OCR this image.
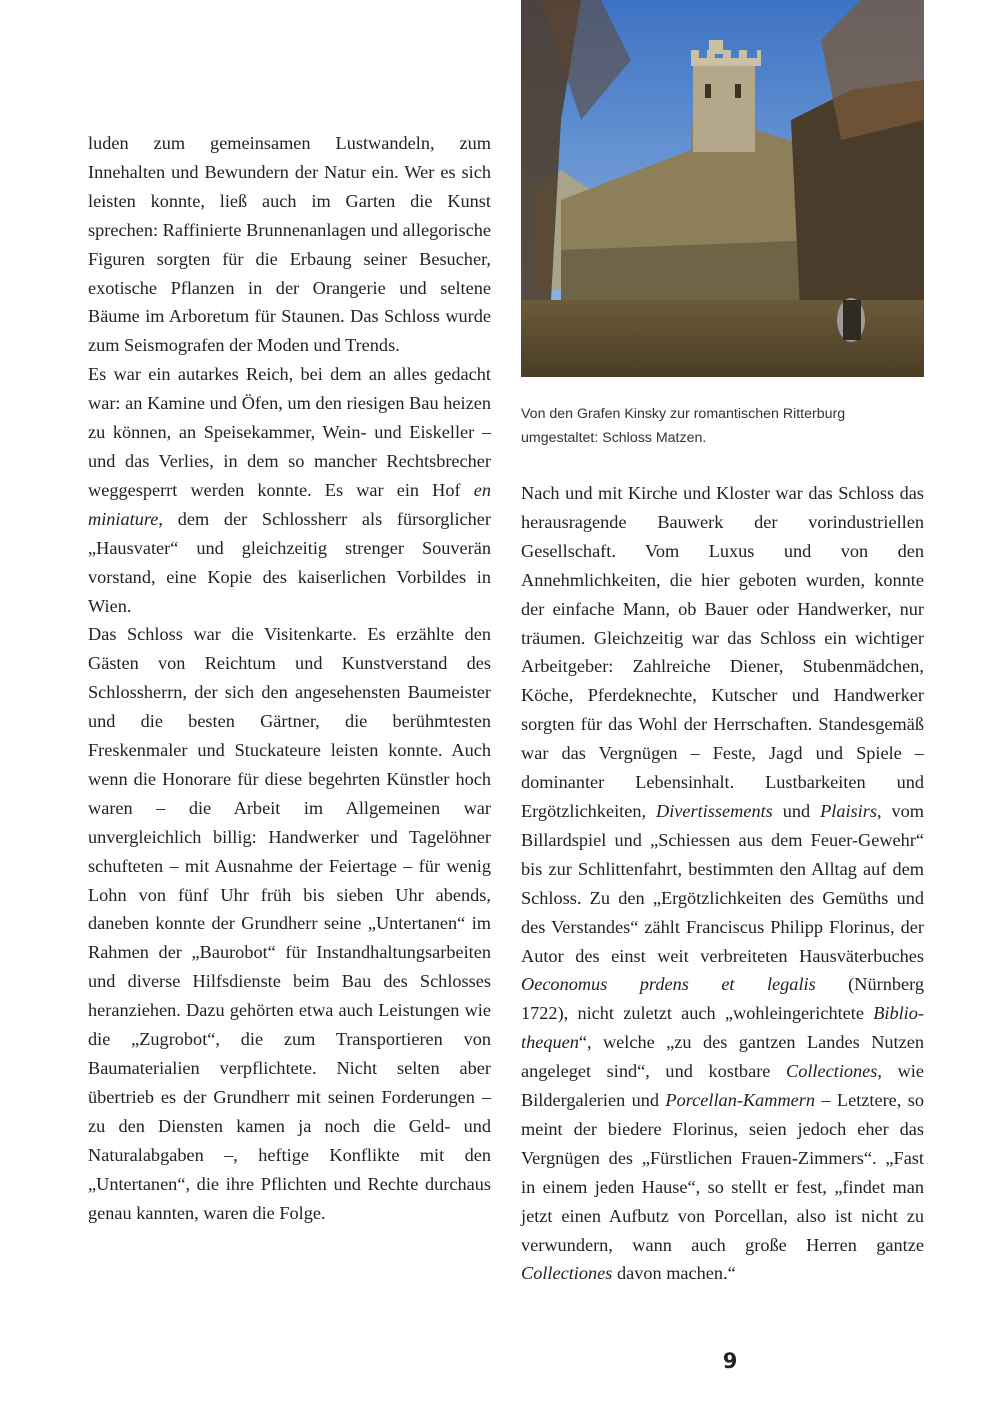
luden zum gemeinsamen Lustwandeln, zum Innehalten und Bewundern der Natur ein. Wer es sich leisten konnte, ließ auch im Garten die Kunst sprechen: Raffinierte Brunnenanlagen und allegorische Figuren sorgten für die Erbaung seiner Besucher, exotische Pflanzen in der Orangerie und seltene Bäume im Arboretum für Staunen. Das Schloss wurde zum Seismografen der Moden und Trends.

Es war ein autarkes Reich, bei dem an alles gedacht war: an Kamine und Öfen, um den riesigen Bau heizen zu können, an Speisekammer, Wein- und Eiskeller – und das Verlies, in dem so mancher Rechtsbrecher weggesperrt werden konnte. Es war ein Hof en miniature, dem der Schlossherr als fürsorglicher „Hausvater“ und gleichzeitig strenger Souverän vorstand, eine Kopie des kaiserlichen Vorbildes in Wien.

Das Schloss war die Visitenkarte. Es erzählte den Gästen von Reichtum und Kunstverstand des Schlossherrn, der sich den angesehensten Baumeister und die besten Gärtner, die berühmtesten Freskenmaler und Stuckateure leisten konnte. Auch wenn die Honorare für diese begehrten Künstler hoch waren – die Arbeit im Allgemeinen war unvergleichlich billig: Handwerker und Tagelöhner schufteten – mit Ausnahme der Feiertage – für wenig Lohn von fünf Uhr früh bis sieben Uhr abends, daneben konnte der Grundherr seine „Untertanen“ im Rahmen der „Baurobot“ für Instandhaltungsarbeiten und diverse Hilfsdienste beim Bau des Schlosses heranziehen. Dazu gehörten etwa auch Leistungen wie die „Zugrobot“, die zum Transportieren von Baumaterialien verpflichtete. Nicht selten aber übertrieb es der Grundherr mit seinen Forderungen – zu den Diensten kamen ja noch die Geld- und Naturalabgaben –, heftige Konflikte mit den „Untertanen“, die ihre Pflichten und Rechte durchaus genau kannten, waren die Folge.

Von den Grafen Kinsky zur romantischen Ritterburg
umgestaltet: Schloss Matzen.

Nach und mit Kirche und Kloster war das Schloss das

herausragende Bauwerk der vorindustriellen Gesellschaft. Vom Luxus und von den Annehmlichkeiten, die hier geboten wurden, konnte der einfache Mann, ob Bauer oder Handwerker, nur träumen. Gleichzeitig war das Schloss ein wichtiger Arbeitgeber: Zahlreiche Diener, Stubenmädchen, Köche, Pferdeknechte, Kutscher und Handwerker sorgten für das Wohl der Herrschaften. Standesgemäß war das Vergnügen – Feste, Jagd und Spiele – dominanter Lebensinhalt. Lustbarkeiten und Ergötzlichkeiten, Divertissements und Plaisirs, vom

Billardspiel und „Schiessen aus dem Feuer-Gewehr“

bis zur Schlittenfahrt, bestimmten den Alltag auf dem Schloss. Zu den „Ergötzlichkeiten des Gemüths und des Verstandes“ zählt Franciscus Philipp Florinus, der Autor des einst weit verbreiteten Hausväterbuches Oeconomus prdens et legalis (Nürnberg

1722), nicht zuletzt auch „wohleingerichtete Biblio-

thequen“, welche „zu des gantzen Landes Nutzen angeleget sind“, und kostbare Collectiones, wie Bildergalerien und Porcellan-Kammern – Letztere, so meint der biedere Florinus, seien jedoch eher das Vergnügen des „Fürstlichen Frauen-Zimmers“. „Fast in einem jeden Hause“, so stellt er fest, „findet man jetzt einen Aufbutz von Porcellan, also ist nicht zu verwundern, wann auch große Herren gantze Collectiones davon machen.“

9
